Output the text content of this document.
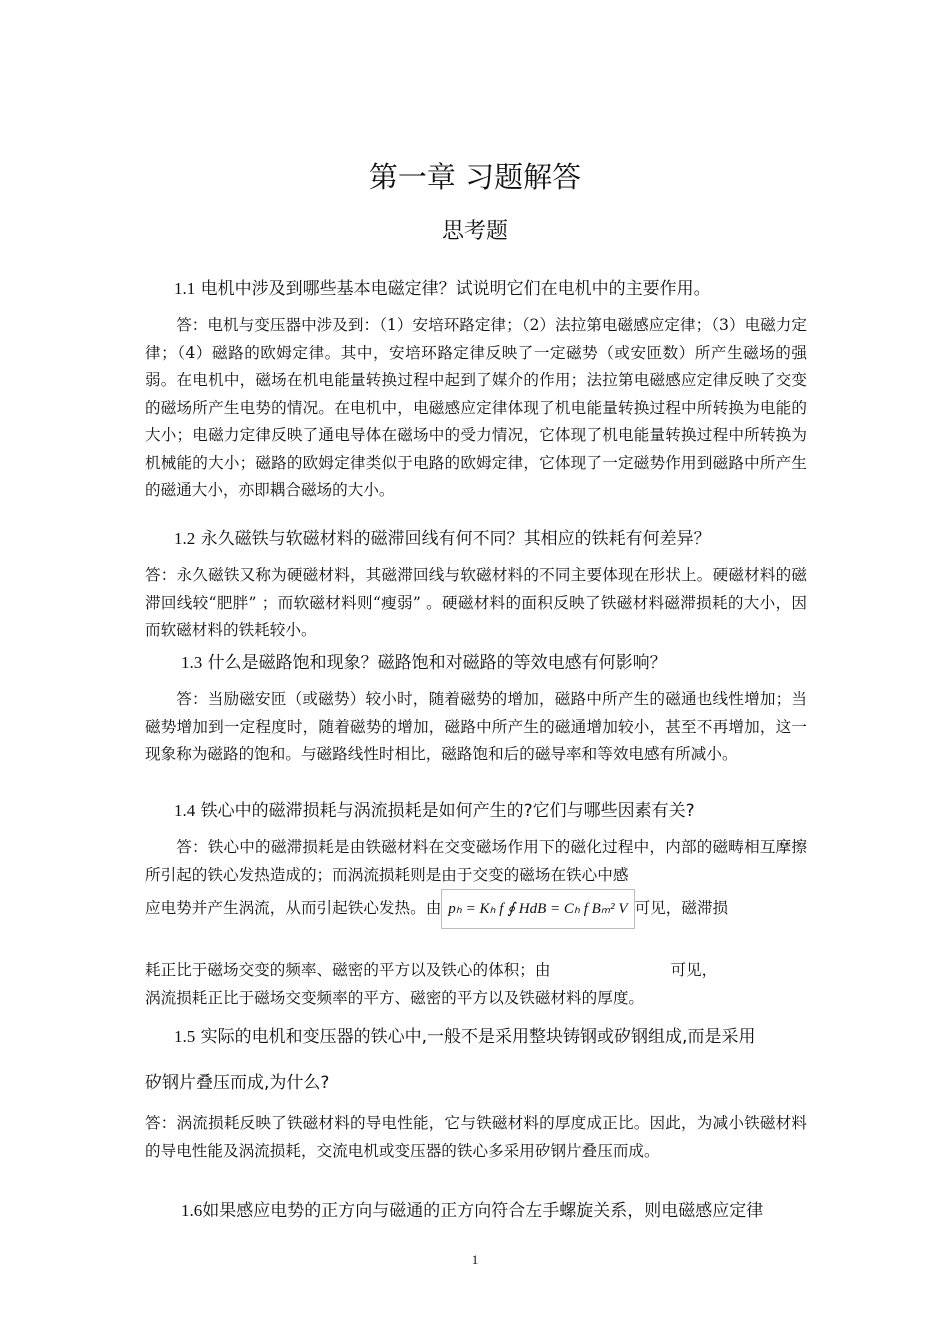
第一章 习题解答
思考题
1.1 电机中涉及到哪些基本电磁定律？试说明它们在电机中的主要作用。
答：电机与变压器中涉及到：（1）安培环路定律；（2）法拉第电磁感应定律；（3）电磁力定律；（4）磁路的欧姆定律。其中，安培环路定律反映了一定磁势（或安匝数）所产生磁场的强弱。在电机中，磁场在机电能量转换过程中起到了媒介的作用；法拉第电磁感应定律反映了交变的磁场所产生电势的情况。在电机中，电磁感应定律体现了机电能量转换过程中所转换为电能的大小；电磁力定律反映了通电导体在磁场中的受力情况，它体现了机电能量转换过程中所转换为机械能的大小；磁路的欧姆定律类似于电路的欧姆定律，它体现了一定磁势作用到磁路中所产生的磁通大小，亦即耦合磁场的大小。
1.2 永久磁铁与软磁材料的磁滞回线有何不同？其相应的铁耗有何差异？
答：永久磁铁又称为硬磁材料，其磁滞回线与软磁材料的不同主要体现在形状上。硬磁材料的磁滞回线较“肥胖” ；而软磁材料则“瘦弱” 。硬磁材料的面积反映了铁磁材料磁滞损耗的大小，因而软磁材料的铁耗较小。
1.3 什么是磁路饱和现象？磁路饱和对磁路的等效电感有何影响？
答：当励磁安匝（或磁势）较小时，随着磁势的增加，磁路中所产生的磁通也线性增加；当磁势增加到一定程度时，随着磁势的增加，磁路中所产生的磁通增加较小，甚至不再增加，这一现象称为磁路的饱和。与磁路线性时相比，磁路饱和后的磁导率和等效电感有所减小。
1.4 铁心中的磁滞损耗与涡流损耗是如何产生的?它们与哪些因素有关?
答：铁心中的磁滞损耗是由铁磁材料在交变磁场作用下的磁化过程中，内部的磁畴相互摩擦所引起的铁心发热造成的；而涡流损耗则是由于交变的磁场在铁心中感
应电势并产生涡流，从而引起铁心发热。由 pₕ = Kₕ f ∮ HdB = Cₕ f Bₘ² V 可见，磁滞损
耗正比于磁场交变的频率、磁密的平方以及铁心的体积；由	可见，
涡流损耗正比于磁场交变频率的平方、磁密的平方以及铁磁材料的厚度。
1.5 实际的电机和变压器的铁心中,一般不是采用整块铸钢或矽钢组成,而是采用
矽钢片叠压而成,为什么?
答：涡流损耗反映了铁磁材料的导电性能，它与铁磁材料的厚度成正比。因此，为减小铁磁材料的导电性能及涡流损耗，交流电机或变压器的铁心多采用矽钢片叠压而成。
1.6如果感应电势的正方向与磁通的正方向符合左手螺旋关系，则电磁感应定律
1
